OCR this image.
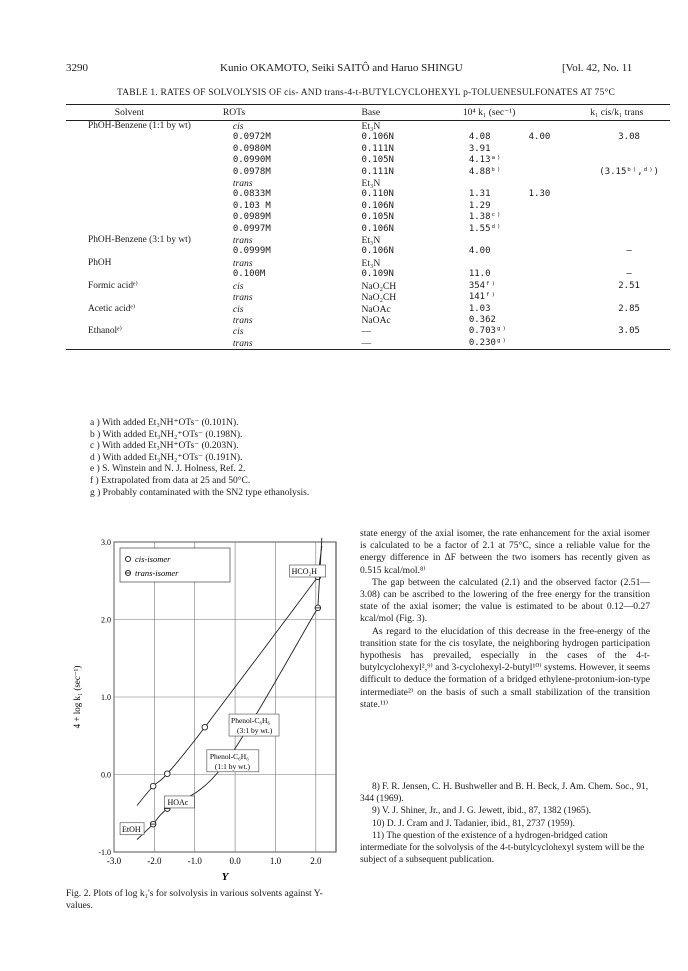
3290	Kunio OKAMOTO, Seiki SAITÔ and Haruo SHINGU	[Vol. 42, No. 11
TABLE 1. RATES OF SOLVOLYSIS OF cis- AND trans-4-t-BUTYLCYCLOHEXYL p-TOLUENESULFONATES AT 75°C
Solvent	ROTs	Base	10⁴ k₁ (sec⁻¹)		k₁ cis/k₁ trans
PhOH-Benzene (1:1 by wt)	cis	Et₃N			
	0.0972M	0.106N	4.08	4.00	3.08
	0.0980M	0.111N	3.91		
	0.0990M	0.105N	4.13ᵃ⁾		
	0.0978M	0.111N	4.88ᵇ⁾		(3.15ᵇ⁾,ᵈ⁾)
	trans	Et₃N			
	0.0833M	0.110N	1.31	1.30	
	0.103 M	0.106N	1.29		
	0.0989M	0.105N	1.38ᶜ⁾		
	0.0997M	0.106N	1.55ᵈ⁾		
PhOH-Benzene (3:1 by wt)	trans	Et₃N			
	0.0999M	0.106N	4.00		—
PhOH	trans	Et₃N			
	0.100M	0.109N	11.0		—
Formic acidᵉ⁾	cis	NaO₂CH	354ᶠ⁾		2.51
	trans	NaO₂CH	141ᶠ⁾		
Acetic acidᵉ⁾	cis	NaOAc	1.03		2.85
	trans	NaOAc	0.362		
Ethanolᵉ⁾	cis	—	0.703ᵍ⁾		3.05
	trans	—	0.230ᵍ⁾		
a ) With added Et₃NH⁺OTs⁻ (0.101N).
b ) With added Et₃NH₂⁺OTs⁻ (0.198N).
c ) With added Et₃NH⁺OTs⁻ (0.203N).
d ) With added Et₃NH₂⁺OTs⁻ (0.191N).
e ) S. Winstein and N. J. Holness, Ref. 2.
f ) Extrapolated from data at 25 and 50°C.
g ) Probably contaminated with the SN2 type ethanolysis.
-3.0	-2.0	-1.0	0.0	1.0	2.0
-1.0
0.0
1.0
2.0
3.0
Y
4 + log k₁ (sec⁻¹)
cis-isomer
trans-isomer	HCO₂H
Phenol-C₆H₆
(3:1 by wt.)
Phenol-C₆H₆
(1:1 by wt.)
HOAc
EtOH
Fig. 2. Plots of log k₁'s for solvolysis in various solvents against Y-values.

state energy of the axial isomer, the rate enhancement for the axial isomer is calculated to be a factor of 2.1 at 75°C, since a reliable value for the energy difference in ΔF between the two isomers has recently given as 0.515 kcal/mol.⁸⁾

The gap between the calculated (2.1) and the observed factor (2.51—3.08) can be ascribed to the lowering of the free energy for the transition state of the axial isomer; the value is estimated to be about 0.12—0.27 kcal/mol (Fig. 3).

As regard to the elucidation of this decrease in the free-energy of the transition state for the cis tosylate, the neighboring hydrogen participation hypothesis has prevailed, especially in the cases of the 4-t-butylcyclohexyl²,⁹⁾ and 3-cyclohexyl-2-butyl¹⁰⁾ systems. However, it seems difficult to deduce the formation of a bridged ethylene-protonium-ion-type intermediate²⁾ on the basis of such a small stabilization of the transition state.¹¹⁾

8) F. R. Jensen, C. H. Bushweller and B. H. Beck, J. Am. Chem. Soc., 91, 344 (1969).
9) V. J. Shiner, Jr., and J. G. Jewett, ibid., 87, 1382 (1965).
10) D. J. Cram and J. Tadanier, ibid., 81, 2737 (1959).
11) The question of the existence of a hydrogen-bridged cation intermediate for the solvolysis of the 4-t-butylcyclohexyl system will be the subject of a subsequent publication.
